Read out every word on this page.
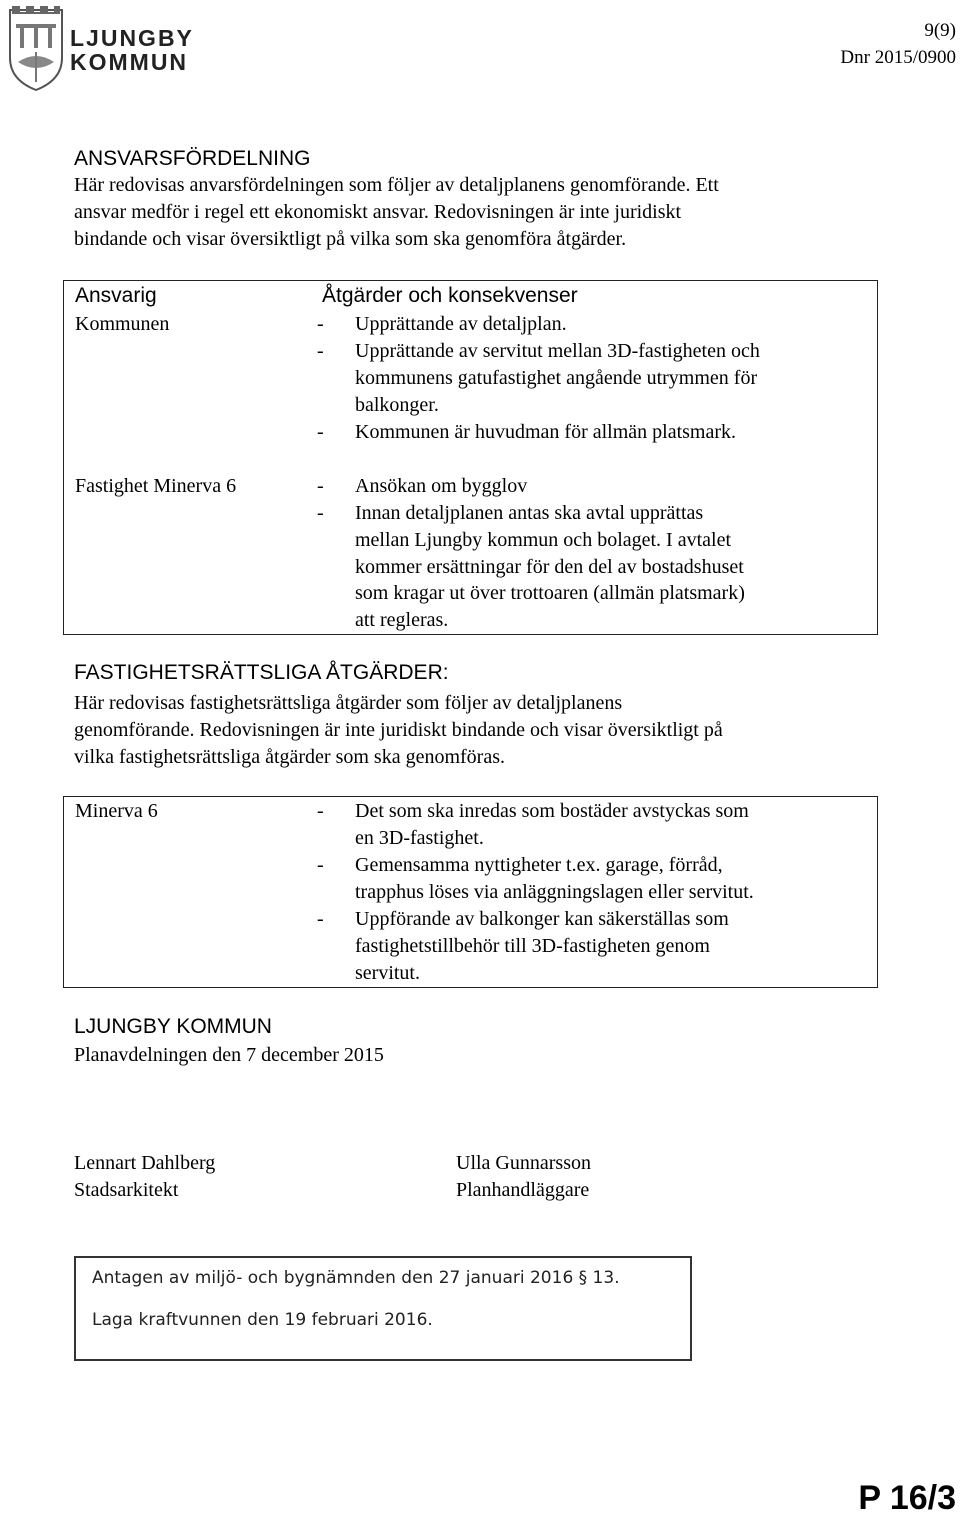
LJUNGBY
KOMMUN
9(9)
Dnr 2015/0900
ANSVARSFÖRDELNING
Här redovisas anvarsfördelningen som följer av detaljplanens genomförande. Ett
ansvar medför i regel ett ekonomiskt ansvar. Redovisningen är inte juridiskt
bindande och visar översiktligt på vilka som ska genomföra åtgärder.
Ansvarig	Åtgärder och konsekvenser
Kommunen	- Upprättande av detaljplan.
- Upprättande av servitut mellan 3D-fastigheten och
kommunens gatufastighet angående utrymmen för
balkonger.
- Kommunen är huvudman för allmän platsmark.
Fastighet Minerva 6	- Ansökan om bygglov
- Innan detaljplanen antas ska avtal upprättas
mellan Ljungby kommun och bolaget. I avtalet
kommer ersättningar för den del av bostadshuset
som kragar ut över trottoaren (allmän platsmark)
att regleras.
FASTIGHETSRÄTTSLIGA ÅTGÄRDER:
Här redovisas fastighetsrättsliga åtgärder som följer av detaljplanens
genomförande. Redovisningen är inte juridiskt bindande och visar översiktligt på
vilka fastighetsrättsliga åtgärder som ska genomföras.
Minerva 6	- Det som ska inredas som bostäder avstyckas som
en 3D-fastighet.
- Gemensamma nyttigheter t.ex. garage, förråd,
trapphus löses via anläggningslagen eller servitut.
- Uppförande av balkonger kan säkerställas som
fastighetstillbehör till 3D-fastigheten genom
servitut.
LJUNGBY KOMMUN
Planavdelningen den 7 december 2015
Lennart Dahlberg
Stadsarkitekt
Ulla Gunnarsson
Planhandläggare
Antagen av miljö- och bygnämnden den 27 januari 2016 § 13.
Laga kraftvunnen den 19 februari 2016.
P 16/3
